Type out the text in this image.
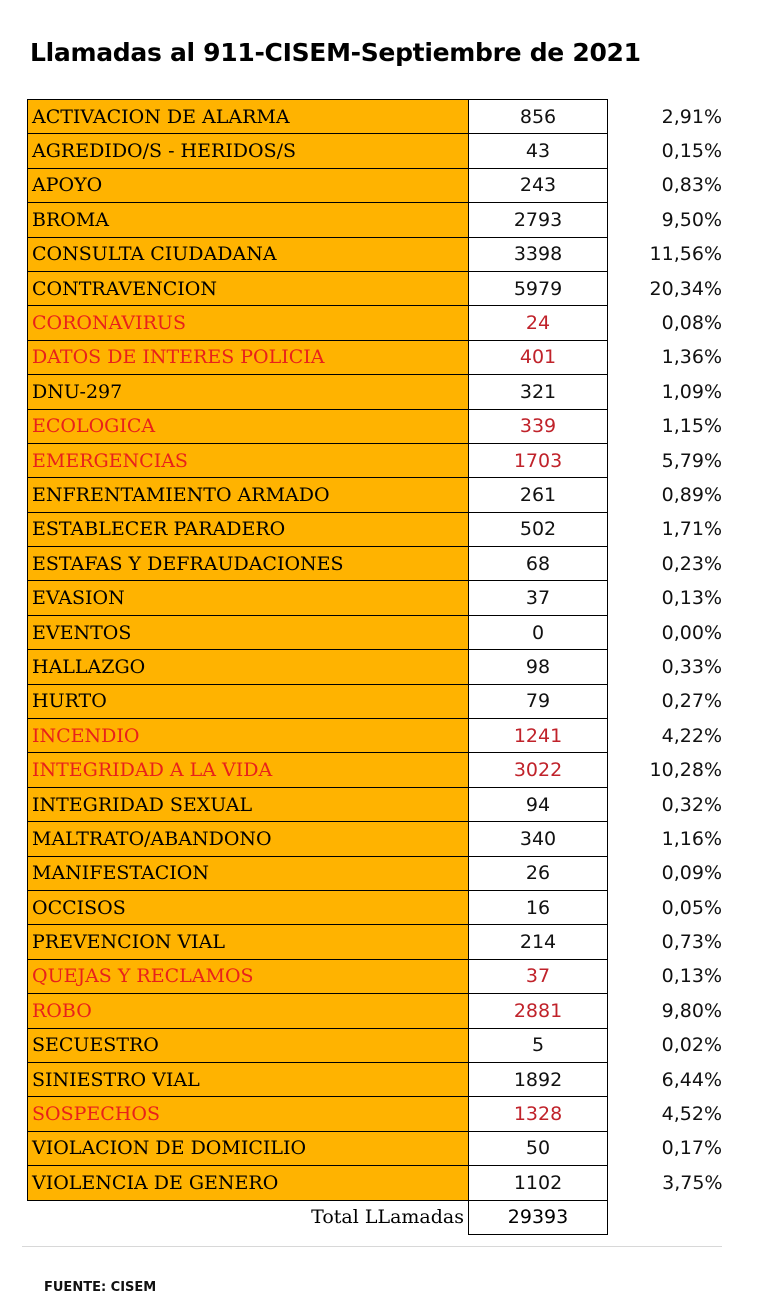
Llamadas al 911-CISEM-Septiembre de 2021
ACTIVACION DE ALARMA	856	2,91%
AGREDIDO/S - HERIDOS/S	43	0,15%
APOYO	243	0,83%
BROMA	2793	9,50%
CONSULTA CIUDADANA	3398	11,56%
CONTRAVENCION	5979	20,34%
CORONAVIRUS	24	0,08%
DATOS DE INTERES POLICIA	401	1,36%
DNU-297	321	1,09%
ECOLOGICA	339	1,15%
EMERGENCIAS	1703	5,79%
ENFRENTAMIENTO ARMADO	261	0,89%
ESTABLECER PARADERO	502	1,71%
ESTAFAS Y DEFRAUDACIONES	68	0,23%
EVASION	37	0,13%
EVENTOS	0	0,00%
HALLAZGO	98	0,33%
HURTO	79	0,27%
INCENDIO	1241	4,22%
INTEGRIDAD A LA VIDA	3022	10,28%
INTEGRIDAD SEXUAL	94	0,32%
MALTRATO/ABANDONO	340	1,16%
MANIFESTACION	26	0,09%
OCCISOS	16	0,05%
PREVENCION VIAL	214	0,73%
QUEJAS Y RECLAMOS	37	0,13%
ROBO	2881	9,80%
SECUESTRO	5	0,02%
SINIESTRO VIAL	1892	6,44%
SOSPECHOS	1328	4,52%
VIOLACION DE DOMICILIO	50	0,17%
VIOLENCIA DE GENERO	1102	3,75%
Total LLamadas	29393	
FUENTE: CISEM
